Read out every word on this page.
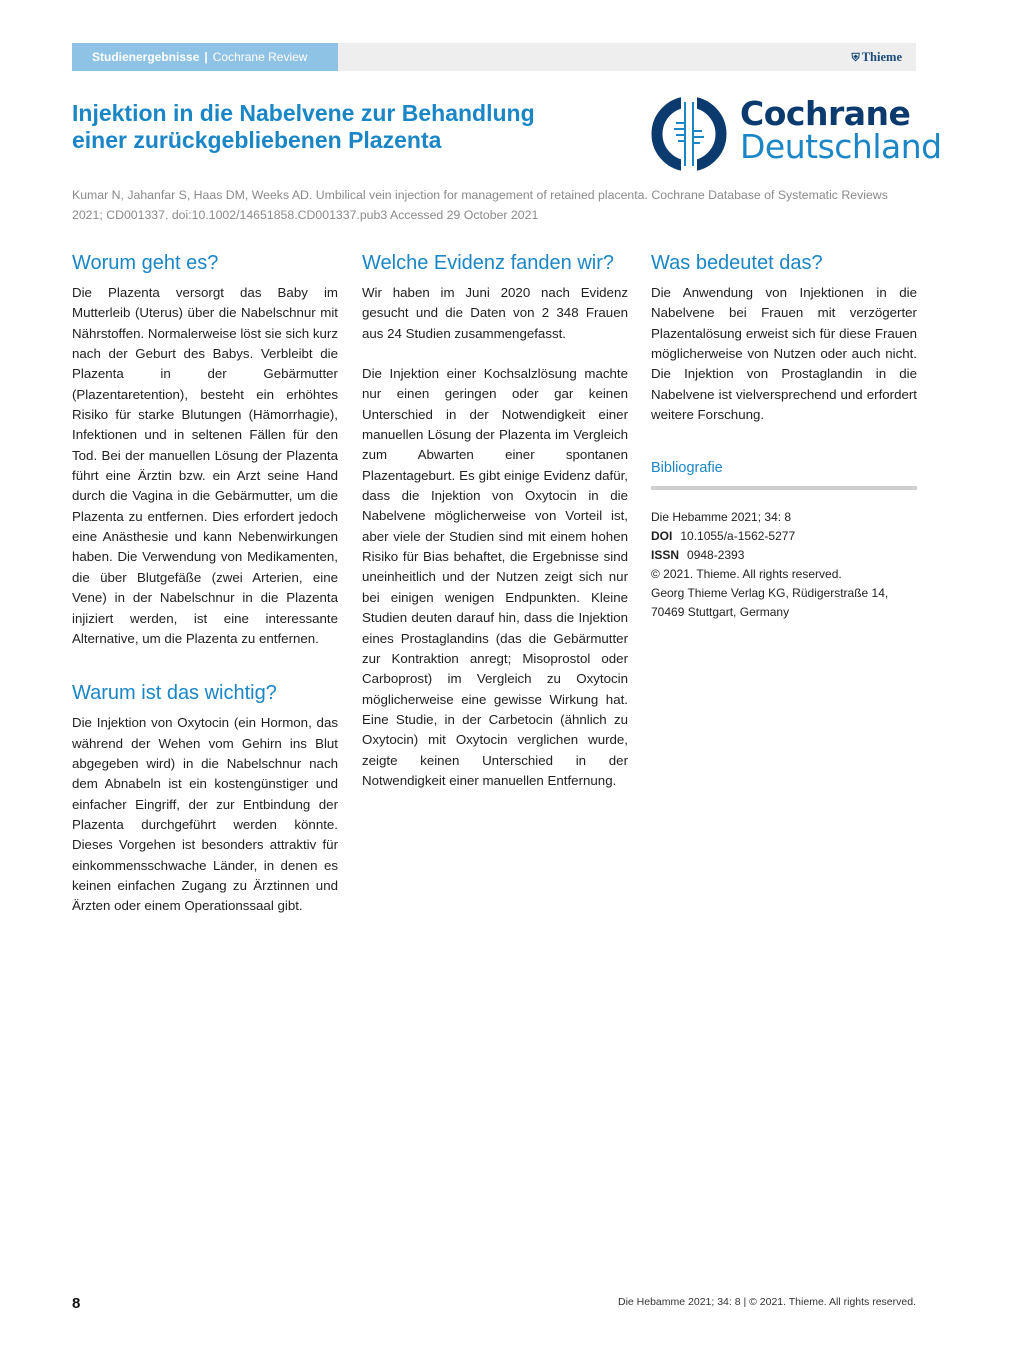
Studienergebnisse | Cochrane Review	⛨ Thieme
Injektion in die Nabelvene zur Behandlung einer zurückgebliebenen Plazenta
Cochrane
Deutschland
Kumar N, Jahanfar S, Haas DM, Weeks AD. Umbilical vein injection for management of retained placenta. Cochrane Database of Systematic Reviews 2021; CD001337. doi:10.1002/14651858.CD001337.pub3 Accessed 29 October 2021
Worum geht es?

Die Plazenta versorgt das Baby im Mutterleib (Uterus) über die Nabelschnur mit Nährstoffen. Normalerweise löst sie sich kurz nach der Geburt des Babys. Verbleibt die Plazenta in der Gebärmutter (Plazentaretention), besteht ein erhöhtes Risiko für starke Blutungen (Hämorrhagie), Infektionen und in seltenen Fällen für den Tod. Bei der manuellen Lösung der Plazenta führt eine Ärztin bzw. ein Arzt seine Hand durch die Vagina in die Gebärmutter, um die Plazenta zu entfernen. Dies erfordert jedoch eine Anästhesie und kann Nebenwirkungen haben. Die Verwendung von Medikamenten, die über Blutgefäße (zwei Arterien, eine Vene) in der Nabelschnur in die Plazenta injiziert werden, ist eine interessante Alternative, um die Plazenta zu entfernen.

Warum ist das wichtig?

Die Injektion von Oxytocin (ein Hormon, das während der Wehen vom Gehirn ins Blut abgegeben wird) in die Nabelschnur nach dem Abnabeln ist ein kostengünstiger und einfacher Eingriff, der zur Entbindung der Plazenta durchgeführt werden könnte. Dieses Vorgehen ist besonders attraktiv für einkommensschwache Länder, in denen es keinen einfachen Zugang zu Ärztinnen und Ärzten oder einem Operationssaal gibt.

Welche Evidenz fanden wir?

Wir haben im Juni 2020 nach Evidenz gesucht und die Daten von 2 348 Frauen aus 24 Studien zusammengefasst.

Die Injektion einer Kochsalzlösung machte nur einen geringen oder gar keinen Unterschied in der Notwendigkeit einer manuellen Lösung der Plazenta im Vergleich zum Abwarten einer spontanen Plazentageburt. Es gibt einige Evidenz dafür, dass die Injektion von Oxytocin in die Nabelvene möglicherweise von Vorteil ist, aber viele der Studien sind mit einem hohen Risiko für Bias behaftet, die Ergebnisse sind uneinheitlich und der Nutzen zeigt sich nur bei einigen wenigen Endpunkten. Kleine Studien deuten darauf hin, dass die Injektion eines Prostaglandins (das die Gebärmutter zur Kontraktion anregt; Misoprostol oder Carboprost) im Vergleich zu Oxytocin möglicherweise eine gewisse Wirkung hat. Eine Studie, in der Carbetocin (ähnlich zu Oxytocin) mit Oxytocin verglichen wurde, zeigte keinen Unterschied in der Notwendigkeit einer manuellen Entfernung.

Was bedeutet das?

Die Anwendung von Injektionen in die Nabelvene bei Frauen mit verzögerter Plazentalösung erweist sich für diese Frauen möglicherweise von Nutzen oder auch nicht. Die Injektion von Prostaglandin in die Nabelvene ist vielversprechend und erfordert weitere Forschung.

Bibliografie
Die Hebamme 2021; 34: 8
DOI 10.1055/a-1562-5277
ISSN 0948-2393
© 2021. Thieme. All rights reserved.
Georg Thieme Verlag KG, Rüdigerstraße 14,
70469 Stuttgart, Germany
8	Die Hebamme 2021; 34: 8 | © 2021. Thieme. All rights reserved.
